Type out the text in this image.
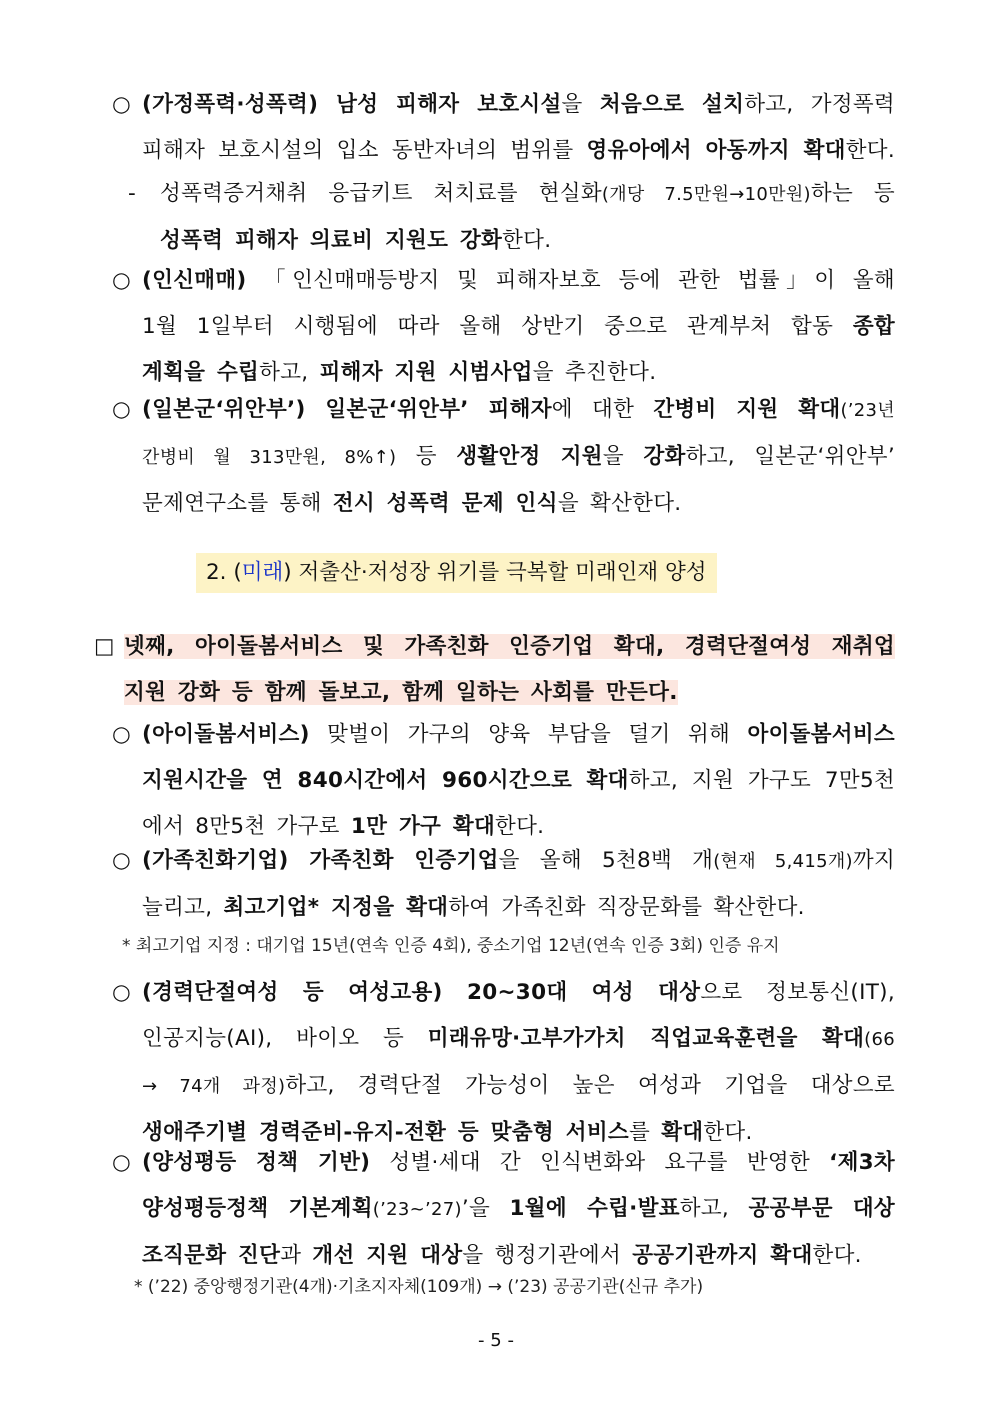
○ (가정폭력·성폭력) 남성 피해자 보호시설을 처음으로 설치하고, 가정폭력
피해자 보호시설의 입소 동반자녀의 범위를 영유아에서 아동까지 확대한다.
- 성폭력증거채취 응급키트 처치료를 현실화(개당 7.5만원→10만원)하는 등
성폭력 피해자 의료비 지원도 강화한다.
○ (인신매매) 「인신매매등방지 및 피해자보호 등에 관한 법률」이 올해
1월 1일부터 시행됨에 따라 올해 상반기 중으로 관계부처 합동 종합
계획을 수립하고, 피해자 지원 시범사업을 추진한다.
○ (일본군‘위안부’) 일본군‘위안부’ 피해자에 대한 간병비 지원 확대(’23년
간병비 월 313만원, 8%↑) 등 생활안정 지원을 강화하고, 일본군‘위안부’
문제연구소를 통해 전시 성폭력 문제 인식을 확산한다.
2. (미래) 저출산·저성장 위기를 극복할 미래인재 양성
□ 넷째, 아이돌봄서비스 및 가족친화 인증기업 확대, 경력단절여성 재취업
지원 강화 등 함께 돌보고, 함께 일하는 사회를 만든다.
○ (아이돌봄서비스) 맞벌이 가구의 양육 부담을 덜기 위해 아이돌봄서비스
지원시간을 연 840시간에서 960시간으로 확대하고, 지원 가구도 7만5천
에서 8만5천 가구로 1만 가구 확대한다.
○ (가족친화기업) 가족친화 인증기업을 올해 5천8백 개(현재 5,415개)까지
늘리고, 최고기업* 지정을 확대하여 가족친화 직장문화를 확산한다.
* 최고기업 지정 : 대기업 15년(연속 인증 4회), 중소기업 12년(연속 인증 3회) 인증 유지
○ (경력단절여성 등 여성고용) 20~30대 여성 대상으로 정보통신(IT),
인공지능(AI), 바이오 등 미래유망·고부가가치 직업교육훈련을 확대(66
→ 74개 과정)하고, 경력단절 가능성이 높은 여성과 기업을 대상으로
생애주기별 경력준비-유지-전환 등 맞춤형 서비스를 확대한다.
○ (양성평등 정책 기반) 성별·세대 간 인식변화와 요구를 반영한 ‘제3차
양성평등정책 기본계획(’23~’27)’을 1월에 수립·발표하고, 공공부문 대상
조직문화 진단과 개선 지원 대상을 행정기관에서 공공기관까지 확대한다.
* (’22) 중앙행정기관(4개)·기초지자체(109개) → (’23) 공공기관(신규 추가)
- 5 -
